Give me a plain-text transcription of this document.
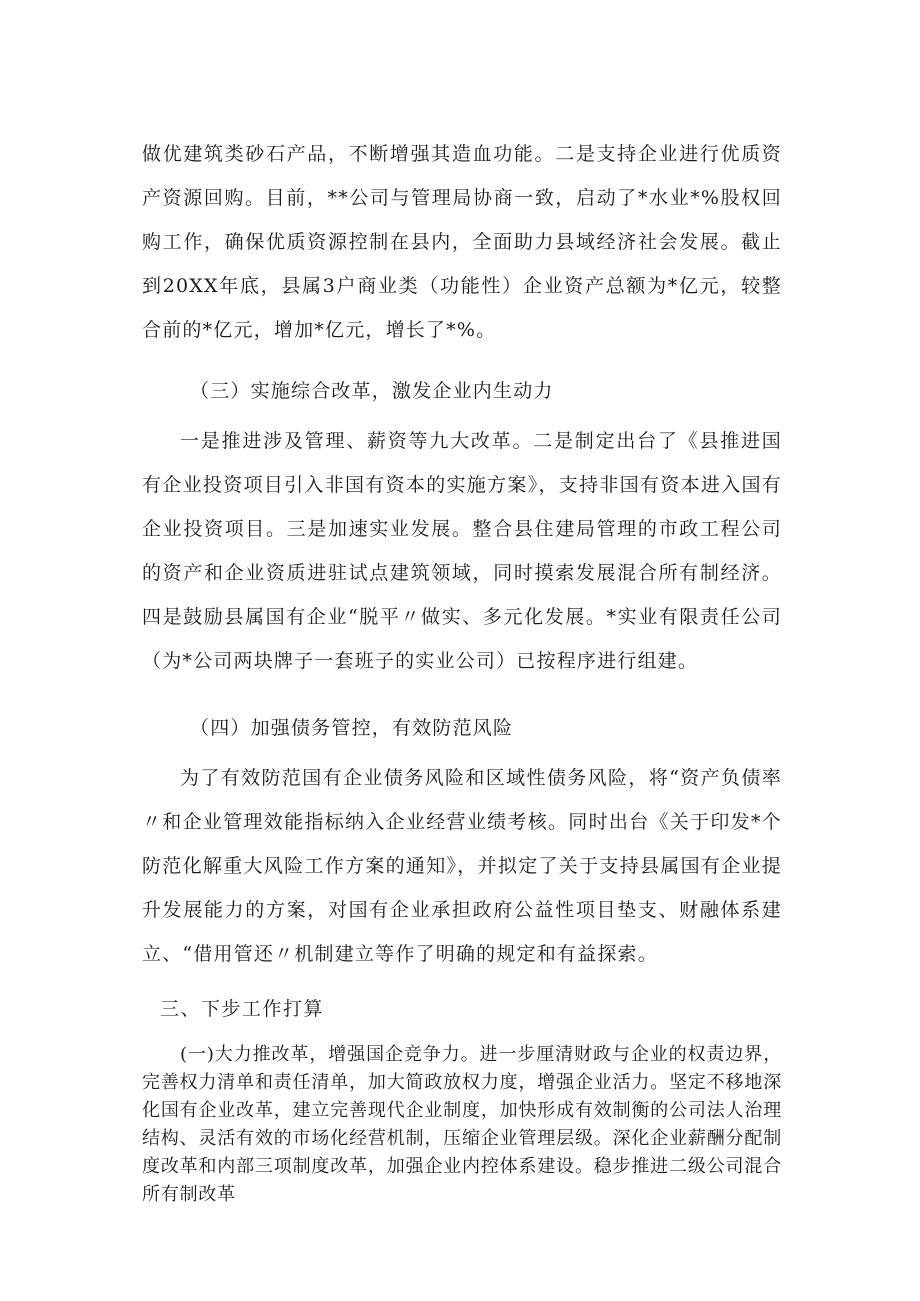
做优建筑类砂石产品，不断增强其造血功能。二是支持企业进行优质资产资源回购。目前，**公司与管理局协商一致，启动了*水业*%股权回购工作，确保优质资源控制在县内，全面助力县域经济社会发展。截止到20XX年底，县属3户商业类（功能性）企业资产总额为*亿元，较整合前的*亿元，增加*亿元，增长了*%。

（三）实施综合改革，激发企业内生动力

一是推进涉及管理、薪资等九大改革。二是制定出台了《县推进国有企业投资项目引入非国有资本的实施方案》，支持非国有资本进入国有企业投资项目。三是加速实业发展。整合县住建局管理的市政工程公司的资产和企业资质进驻试点建筑领域，同时摸索发展混合所有制经济。四是鼓励县属国有企业“脱平〃做实、多元化发展。*实业有限责任公司（为*公司两块牌子一套班子的实业公司）已按程序进行组建。

（四）加强债务管控，有效防范风险

为了有效防范国有企业债务风险和区域性债务风险，将“资产负债率〃和企业管理效能指标纳入企业经营业绩考核。同时出台《关于印发*个防范化解重大风险工作方案的通知》，并拟定了关于支持县属国有企业提升发展能力的方案，对国有企业承担政府公益性项目垫支、财融体系建立、“借用管还〃机制建立等作了明确的规定和有益探索。

三、下步工作打算

(一)大力推改革，增强国企竞争力。进一步厘清财政与企业的权责边界，完善权力清单和责任清单，加大简政放权力度，增强企业活力。坚定不移地深化国有企业改革，建立完善现代企业制度，加快形成有效制衡的公司法人治理结构、灵活有效的市场化经营机制，压缩企业管理层级。深化企业薪酬分配制度改革和内部三项制度改革，加强企业内控体系建设。稳步推进二级公司混合所有制改革
